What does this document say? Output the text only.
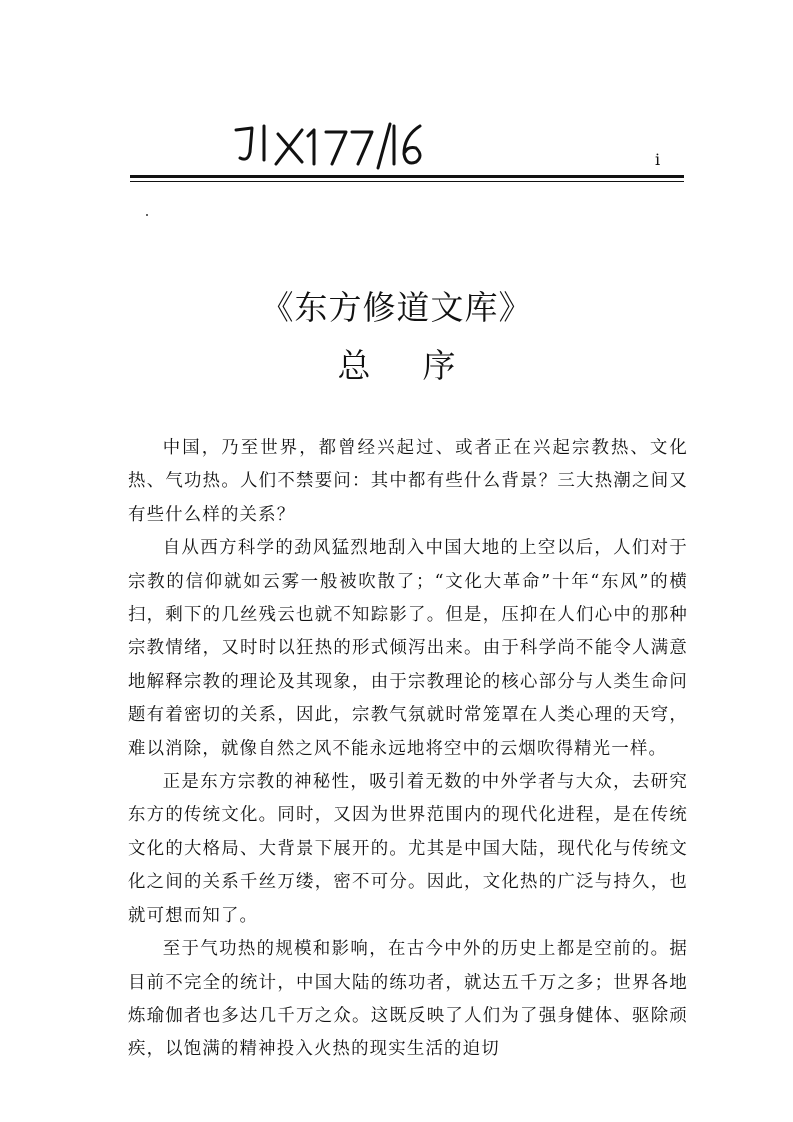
i
《东方修道文库》
总序

中国，乃至世界，都曾经兴起过、或者正在兴起宗教热、文化热、气功热。人们不禁要问：其中都有些什么背景？三大热潮之间又有些什么样的关系？

自从西方科学的劲风猛烈地刮入中国大地的上空以后，人们对于宗教的信仰就如云雾一般被吹散了；“文化大革命”十年“东风”的横扫，剩下的几丝残云也就不知踪影了。但是，压抑在人们心中的那种宗教情绪，又时时以狂热的形式倾泻出来。由于科学尚不能令人满意地解释宗教的理论及其现象，由于宗教理论的核心部分与人类生命问题有着密切的关系，因此，宗教气氛就时常笼罩在人类心理的天穹，难以消除，就像自然之风不能永远地将空中的云烟吹得精光一样。

正是东方宗教的神秘性，吸引着无数的中外学者与大众，去研究东方的传统文化。同时，又因为世界范围内的现代化进程，是在传统文化的大格局、大背景下展开的。尤其是中国大陆，现代化与传统文化之间的关系千丝万缕，密不可分。因此，文化热的广泛与持久，也就可想而知了。

至于气功热的规模和影响，在古今中外的历史上都是空前的。据目前不完全的统计，中国大陆的练功者，就达五千万之多；世界各地炼瑜伽者也多达几千万之众。这既反映了人们为了强身健体、驱除顽疾，以饱满的精神投入火热的现实生活的迫切
